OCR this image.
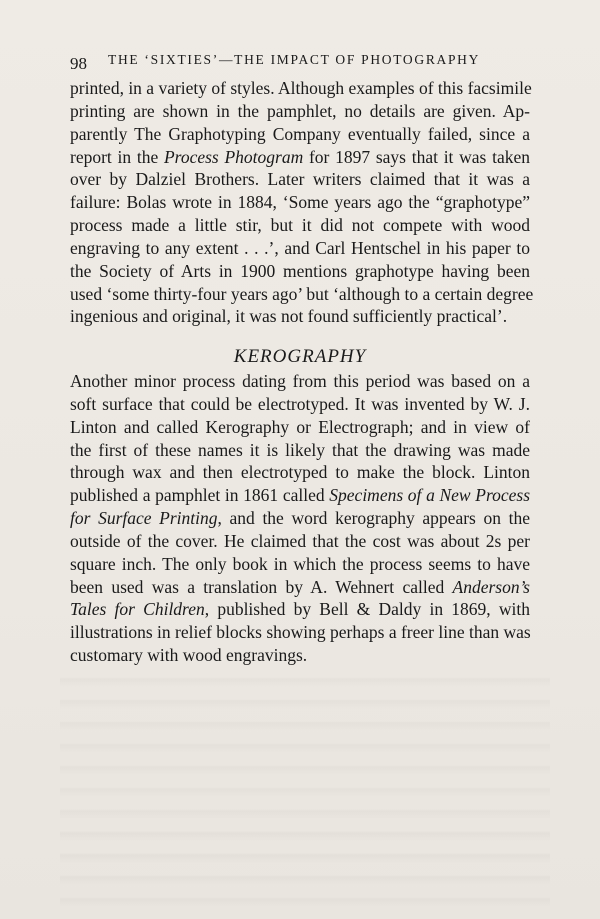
98 THE ‘SIXTIES’—THE IMPACT OF PHOTOGRAPHY
printed, in a variety of styles. Although examples of this facsimile
printing are shown in the pamphlet, no details are given. Ap-
parently The Graphotyping Company eventually failed, since a
report in the Process Photogram for 1897 says that it was taken
over by Dalziel Brothers. Later writers claimed that it was a
failure: Bolas wrote in 1884, ‘Some years ago the “graphotype”
process made a little stir, but it did not compete with wood
engraving to any extent . . .’, and Carl Hentschel in his paper to
the Society of Arts in 1900 mentions graphotype having been
used ‘some thirty-four years ago’ but ‘although to a certain degree
ingenious and original, it was not found sufficiently practical’.
KEROGRAPHY
Another minor process dating from this period was based on a
soft surface that could be electrotyped. It was invented by W. J.
Linton and called Kerography or Electrograph; and in view of
the first of these names it is likely that the drawing was made
through wax and then electrotyped to make the block. Linton
published a pamphlet in 1861 called Specimens of a New Process
for Surface Printing, and the word kerography appears on the
outside of the cover. He claimed that the cost was about 2s per
square inch. The only book in which the process seems to have
been used was a translation by A. Wehnert called Anderson’s
Tales for Children, published by Bell & Daldy in 1869, with
illustrations in relief blocks showing perhaps a freer line than was
customary with wood engravings.
